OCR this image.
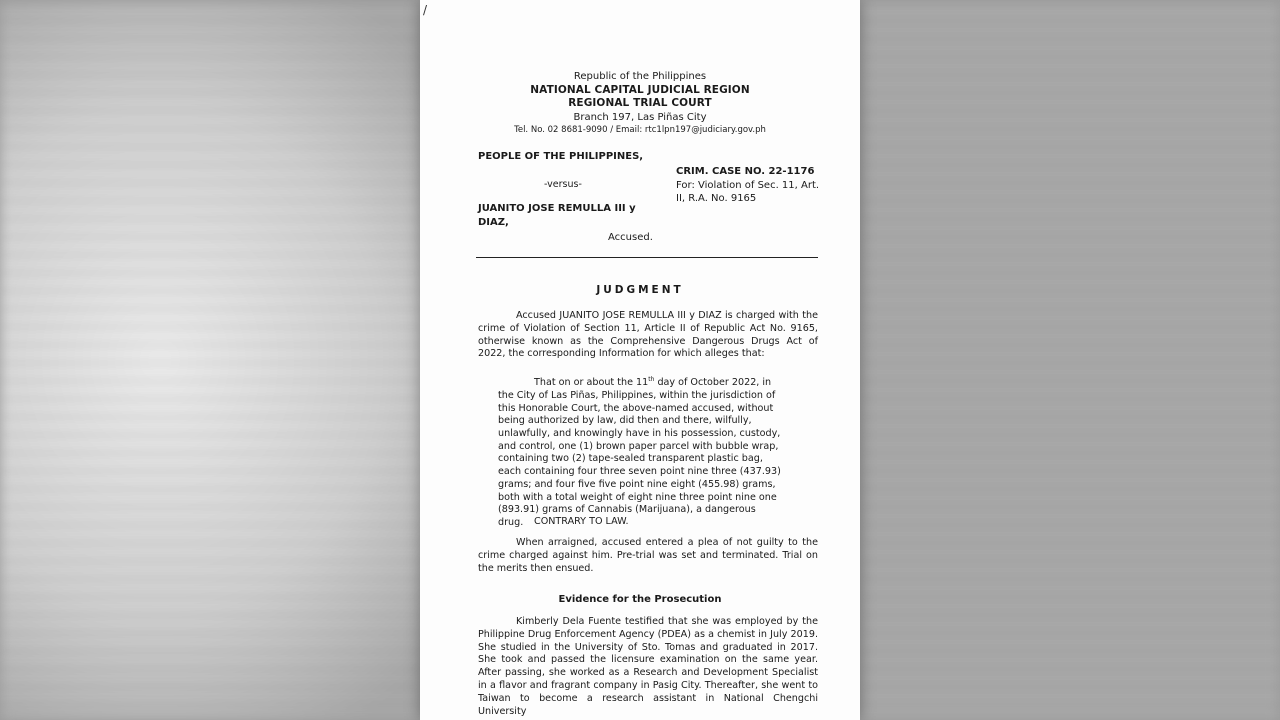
/
Republic of the Philippines
NATIONAL CAPITAL JUDICIAL REGION
REGIONAL TRIAL COURT
Branch 197, Las Piñas City
Tel. No. 02 8681-9090 / Email: rtc1lpn197@judiciary.gov.ph
PEOPLE OF THE PHILIPPINES,
-versus-
JUANITO JOSE REMULLA III y
DIAZ,
Accused.
CRIM. CASE NO. 22-1176
For: Violation of Sec. 11, Art.
II, R.A. No. 9165
JUDGMENT

Accused JUANITO JOSE REMULLA III y DIAZ is charged with the crime of Violation of Section 11, Article II of Republic Act No. 9165, otherwise known as the Comprehensive Dangerous Drugs Act of 2022, the corresponding Information for which alleges that:

That on or about the 11th day of October 2022, in the City of Las Piñas, Philippines, within the jurisdiction of this Honorable Court, the above-named accused, without being authorized by law, did then and there, wilfully, unlawfully, and knowingly have in his possession, custody, and control, one (1) brown paper parcel with bubble wrap, containing two (2) tape-sealed transparent plastic bag, each containing four three seven point nine three (437.93) grams; and four five five point nine eight (455.98) grams, both with a total weight of eight nine three point nine one (893.91) grams of Cannabis (Marijuana), a dangerous drug.	CONTRARY TO LAW.

When arraigned, accused entered a plea of not guilty to the crime charged against him. Pre-trial was set and terminated. Trial on the merits then ensued.

Evidence for the Prosecution

Kimberly Dela Fuente testified that she was employed by the Philippine Drug Enforcement Agency (PDEA) as a chemist in July 2019. She studied in the University of Sto. Tomas and graduated in 2017. She took and passed the licensure examination on the same year. After passing, she worked as a Research and Development Specialist in a flavor and fragrant company in Pasig City. Thereafter, she went to Taiwan to become a research assistant in National Chengchi University
